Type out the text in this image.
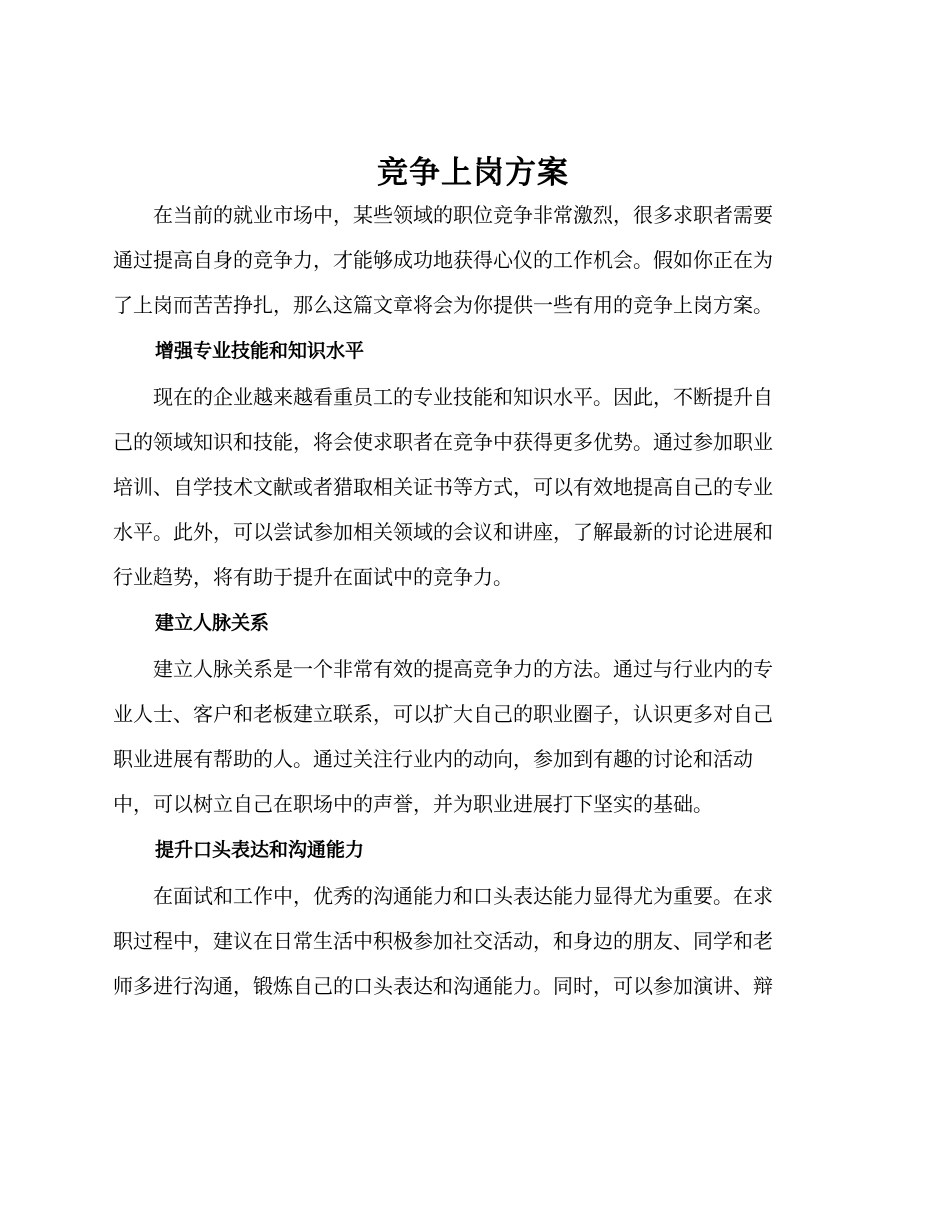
竞争上岗方案

在当前的就业市场中，某些领域的职位竞争非常激烈，很多求职者需要
通过提高自身的竞争力，才能够成功地获得心仪的工作机会。假如你正在为
了上岗而苦苦挣扎，那么这篇文章将会为你提供一些有用的竞争上岗方案。

增强专业技能和知识水平

现在的企业越来越看重员工的专业技能和知识水平。因此，不断提升自
己的领域知识和技能，将会使求职者在竞争中获得更多优势。通过参加职业
培训、自学技术文献或者猎取相关证书等方式，可以有效地提高自己的专业
水平。此外，可以尝试参加相关领域的会议和讲座，了解最新的讨论进展和
行业趋势，将有助于提升在面试中的竞争力。

建立人脉关系

建立人脉关系是一个非常有效的提高竞争力的方法。通过与行业内的专
业人士、客户和老板建立联系，可以扩大自己的职业圈子，认识更多对自己
职业进展有帮助的人。通过关注行业内的动向，参加到有趣的讨论和活动
中，可以树立自己在职场中的声誉，并为职业进展打下坚实的基础。

提升口头表达和沟通能力

在面试和工作中，优秀的沟通能力和口头表达能力显得尤为重要。在求
职过程中，建议在日常生活中积极参加社交活动，和身边的朋友、同学和老
师多进行沟通，锻炼自己的口头表达和沟通能力。同时，可以参加演讲、辩
